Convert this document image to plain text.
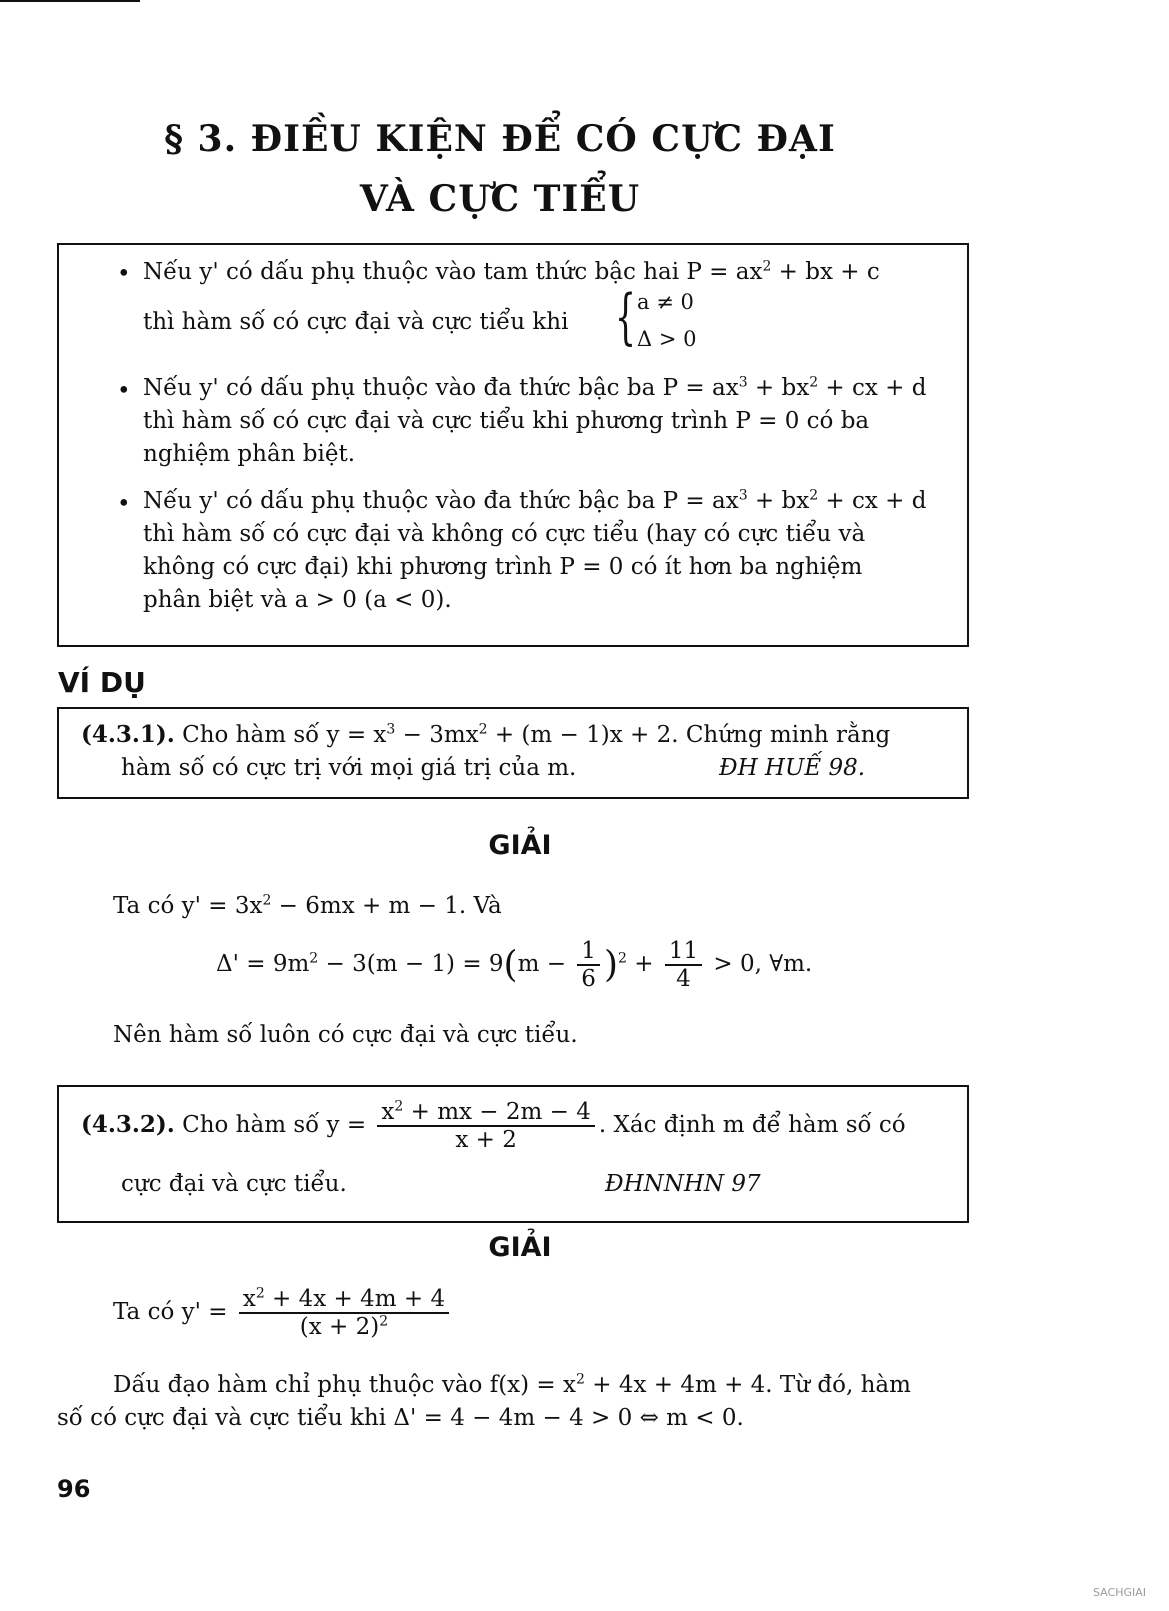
§ 3. ĐIỀU KIỆN ĐỂ CÓ CỰC ĐẠI
VÀ CỰC TIỂU
• Nếu y' có dấu phụ thuộc vào tam thức bậc hai $P = ax^2$ + bx + c
thì hàm số có cực đại và cực tiểu khi { a ≠ 0
Δ > 0
• Nếu y' có dấu phụ thuộc vào đa thức bậc ba $P = ax^3 + bx^2$ + cx + d
thì hàm số có cực đại và cực tiểu khi phương trình P = 0 có ba
nghiệm phân biệt.
• Nếu y' có dấu phụ thuộc vào đa thức bậc ba $P = ax^3 + bx^2$ + cx + d
thì hàm số có cực đại và không có cực tiểu (hay có cực tiểu và
không có cực đại) khi phương trình P = 0 có ít hơn ba nghiệm
phân biệt và a > 0 (a < 0).
VÍ DỤ
(4.3.1). Cho hàm số $y = x^3 - 3mx^2 + (m - 1)x + 2$. Chứng minh rằng
hàm số có cực trị với mọi giá trị của m.	ĐH HUẾ 98.
GIẢI
Ta có $y' = 3x^2 - 6mx + m - 1$. Và
$\Delta' = 9m^2 - 3(m - 1) = 9(m - \frac{1}{6} )^2 + \frac{11}{4} > 0$, ∀m.
Nên hàm số luôn có cực đại và cực tiểu.
(4.3.2). Cho hàm số $y = \frac{x^2 + mx - 2m - 4}{x + 2}$ . Xác định m để hàm số có
cực đại và cực tiểu.	ĐHNNHN 97
GIẢI
Ta có $y' = \frac{x^2 + 4x + 4m + 4}{(x + 2)^2}$
Dấu đạo hàm chỉ phụ thuộc vào $f(x) = x^2 + 4x + 4m + 4$. Từ đó, hàm
số có cực đại và cực tiểu khi Δ' = 4 − 4m − 4 > 0 ⇔ m < 0.
96
SACHGIAI
